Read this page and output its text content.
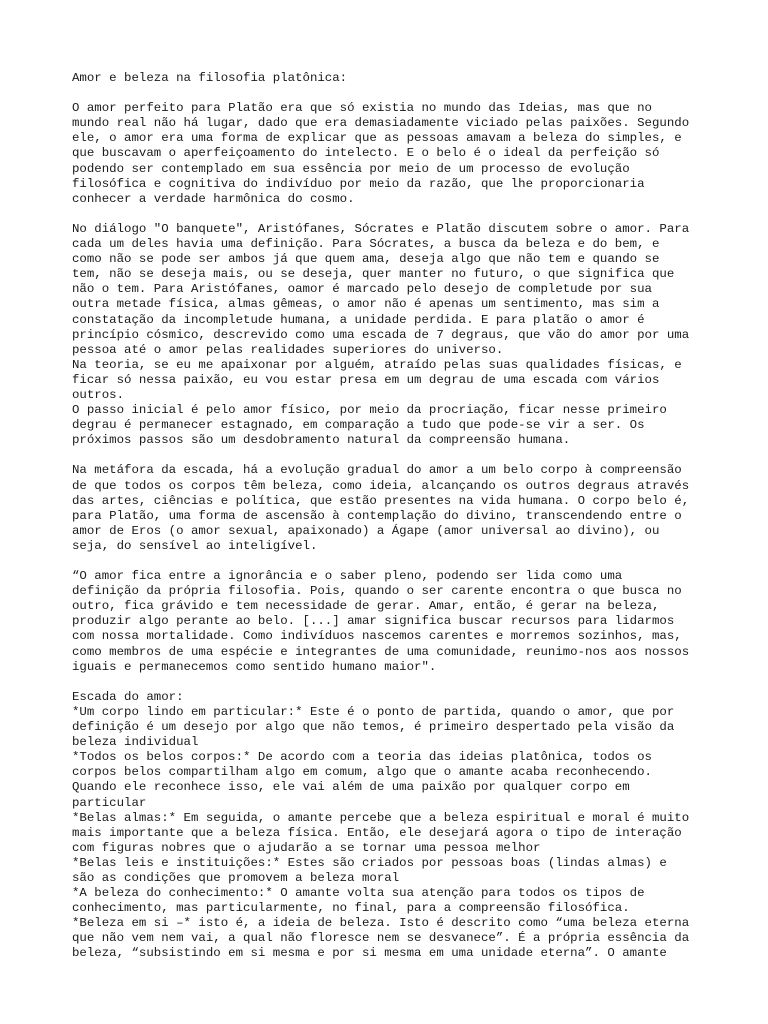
Amor e beleza na filosofia platônica:
O amor perfeito para Platão era que só existia no mundo das Ideias, mas que no
mundo real não há lugar, dado que era demasiadamente viciado pelas paixões. Segundo
ele, o amor era uma forma de explicar que as pessoas amavam a beleza do simples, e
que buscavam o aperfeiçoamento do intelecto. E o belo é o ideal da perfeição só
podendo ser contemplado em sua essência por meio de um processo de evolução
filosófica e cognitiva do indivíduo por meio da razão, que lhe proporcionaria
conhecer a verdade harmônica do cosmo.
No diálogo "O banquete", Aristófanes, Sócrates e Platão discutem sobre o amor. Para
cada um deles havia uma definição. Para Sócrates, a busca da beleza e do bem, e
como não se pode ser ambos já que quem ama, deseja algo que não tem e quando se
tem, não se deseja mais, ou se deseja, quer manter no futuro, o que significa que
não o tem. Para Aristófanes, oamor é marcado pelo desejo de completude por sua
outra metade física, almas gêmeas, o amor não é apenas um sentimento, mas sim a
constatação da incompletude humana, a unidade perdida. E para platão o amor é
princípio cósmico, descrevido como uma escada de 7 degraus, que vão do amor por uma
pessoa até o amor pelas realidades superiores do universo.
Na teoria, se eu me apaixonar por alguém, atraído pelas suas qualidades físicas, e
ficar só nessa paixão, eu vou estar presa em um degrau de uma escada com vários
outros.
O passo inicial é pelo amor físico, por meio da procriação, ficar nesse primeiro
degrau é permanecer estagnado, em comparação a tudo que pode-se vir a ser. Os
próximos passos são um desdobramento natural da compreensão humana.
Na metáfora da escada, há a evolução gradual do amor a um belo corpo à compreensão
de que todos os corpos têm beleza, como ideia, alcançando os outros degraus através
das artes, ciências e política, que estão presentes na vida humana. O corpo belo é,
para Platão, uma forma de ascensão à contemplação do divino, transcendendo entre o
amor de Eros (o amor sexual, apaixonado) a Ágape (amor universal ao divino), ou
seja, do sensível ao inteligível.
“O amor fica entre a ignorância e o saber pleno, podendo ser lida como uma
definição da própria filosofia. Pois, quando o ser carente encontra o que busca no
outro, fica grávido e tem necessidade de gerar. Amar, então, é gerar na beleza,
produzir algo perante ao belo. [...] amar significa buscar recursos para lidarmos
com nossa mortalidade. Como indivíduos nascemos carentes e morremos sozinhos, mas,
como membros de uma espécie e integrantes de uma comunidade, reunimo-nos aos nossos
iguais e permanecemos como sentido humano maior".
Escada do amor:
*Um corpo lindo em particular:* Este é o ponto de partida, quando o amor, que por
definição é um desejo por algo que não temos, é primeiro despertado pela visão da
beleza individual
*Todos os belos corpos:* De acordo com a teoria das ideias platônica, todos os
corpos belos compartilham algo em comum, algo que o amante acaba reconhecendo.
Quando ele reconhece isso, ele vai além de uma paixão por qualquer corpo em
particular
*Belas almas:* Em seguida, o amante percebe que a beleza espiritual e moral é muito
mais importante que a beleza física. Então, ele desejará agora o tipo de interação
com figuras nobres que o ajudarão a se tornar uma pessoa melhor
*Belas leis e instituições:* Estes são criados por pessoas boas (lindas almas) e
são as condições que promovem a beleza moral
*A beleza do conhecimento:* O amante volta sua atenção para todos os tipos de
conhecimento, mas particularmente, no final, para a compreensão filosófica.
*Beleza em si –* isto é, a ideia de beleza. Isto é descrito como “uma beleza eterna
que não vem nem vai, a qual não floresce nem se desvanece”. É a própria essência da
beleza, “subsistindo em si mesma e por si mesma em uma unidade eterna”. O amante
